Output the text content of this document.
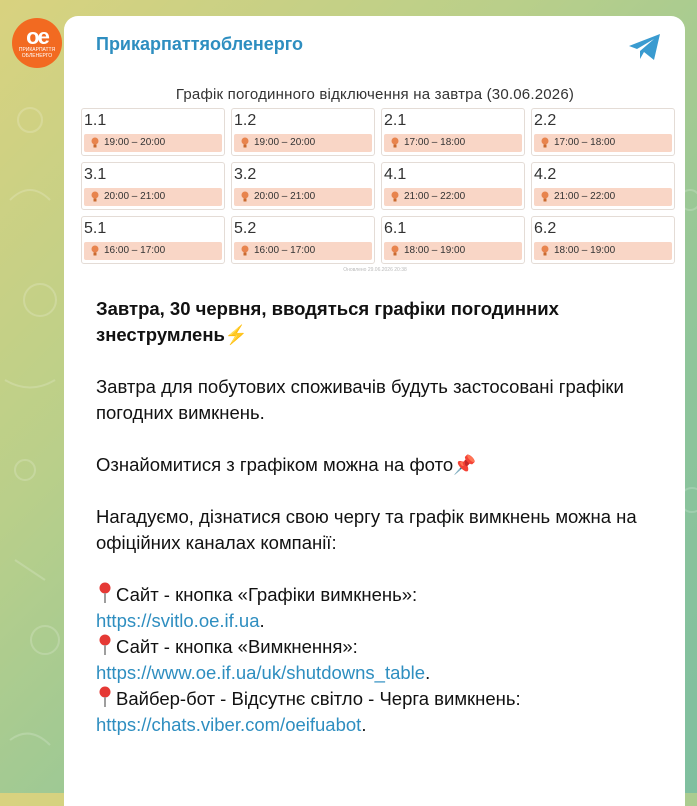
ое
ПРИКАРПАТТЯ ОБЛЕНЕРГО
Прикарпаттяобленерго
Графік погодинного відключення на завтра (30.06.2026)
1.1
19:00 – 20:00
1.2
19:00 – 20:00
2.1
17:00 – 18:00
2.2
17:00 – 18:00
3.1
20:00 – 21:00
3.2
20:00 – 21:00
4.1
21:00 – 22:00
4.2
21:00 – 22:00
5.1
16:00 – 17:00
5.2
16:00 – 17:00
6.1
18:00 – 19:00
6.2
18:00 – 19:00
Оновлено 29.06.2026 20:38

Завтра, 30 червня, вводяться графіки погодинних знеструмлень⚡

Завтра для побутових споживачів будуть застосовані графіки погодних вимкнень.

Ознайомитися з графіком можна на фото📌

Нагадуємо, дізнатися свою чергу та графік вимкнень можна на офіційних каналах компанії:

Сайт - кнопка «Графіки вимкнень»:
https://svitlo.oe.if.ua.

Сайт - кнопка «Вимкнення»:
https://www.oe.if.ua/uk/shutdowns_table.

Вайбер-бот - Відсутнє світло - Черга вимкнень:
https://chats.viber.com/oeifuabot.
